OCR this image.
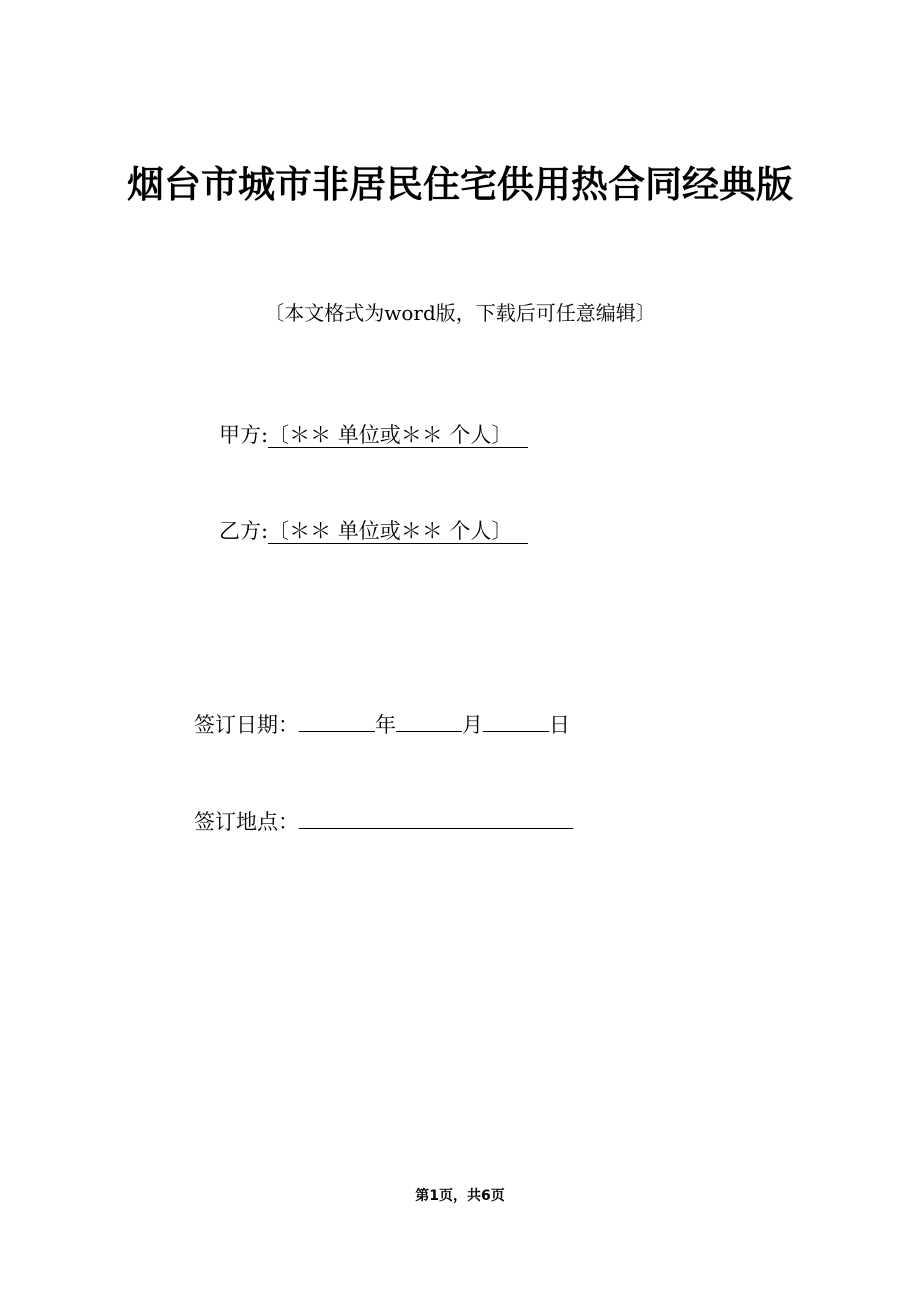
烟台市城市非居民住宅供用热合同经典版
〔本文格式为word版，下载后可任意编辑〕
甲方:〔＊＊ 单位或＊＊ 个人〕
乙方:〔＊＊ 单位或＊＊ 个人〕
签订日期：	年	月	日
签订地点：
第1页，共6页
